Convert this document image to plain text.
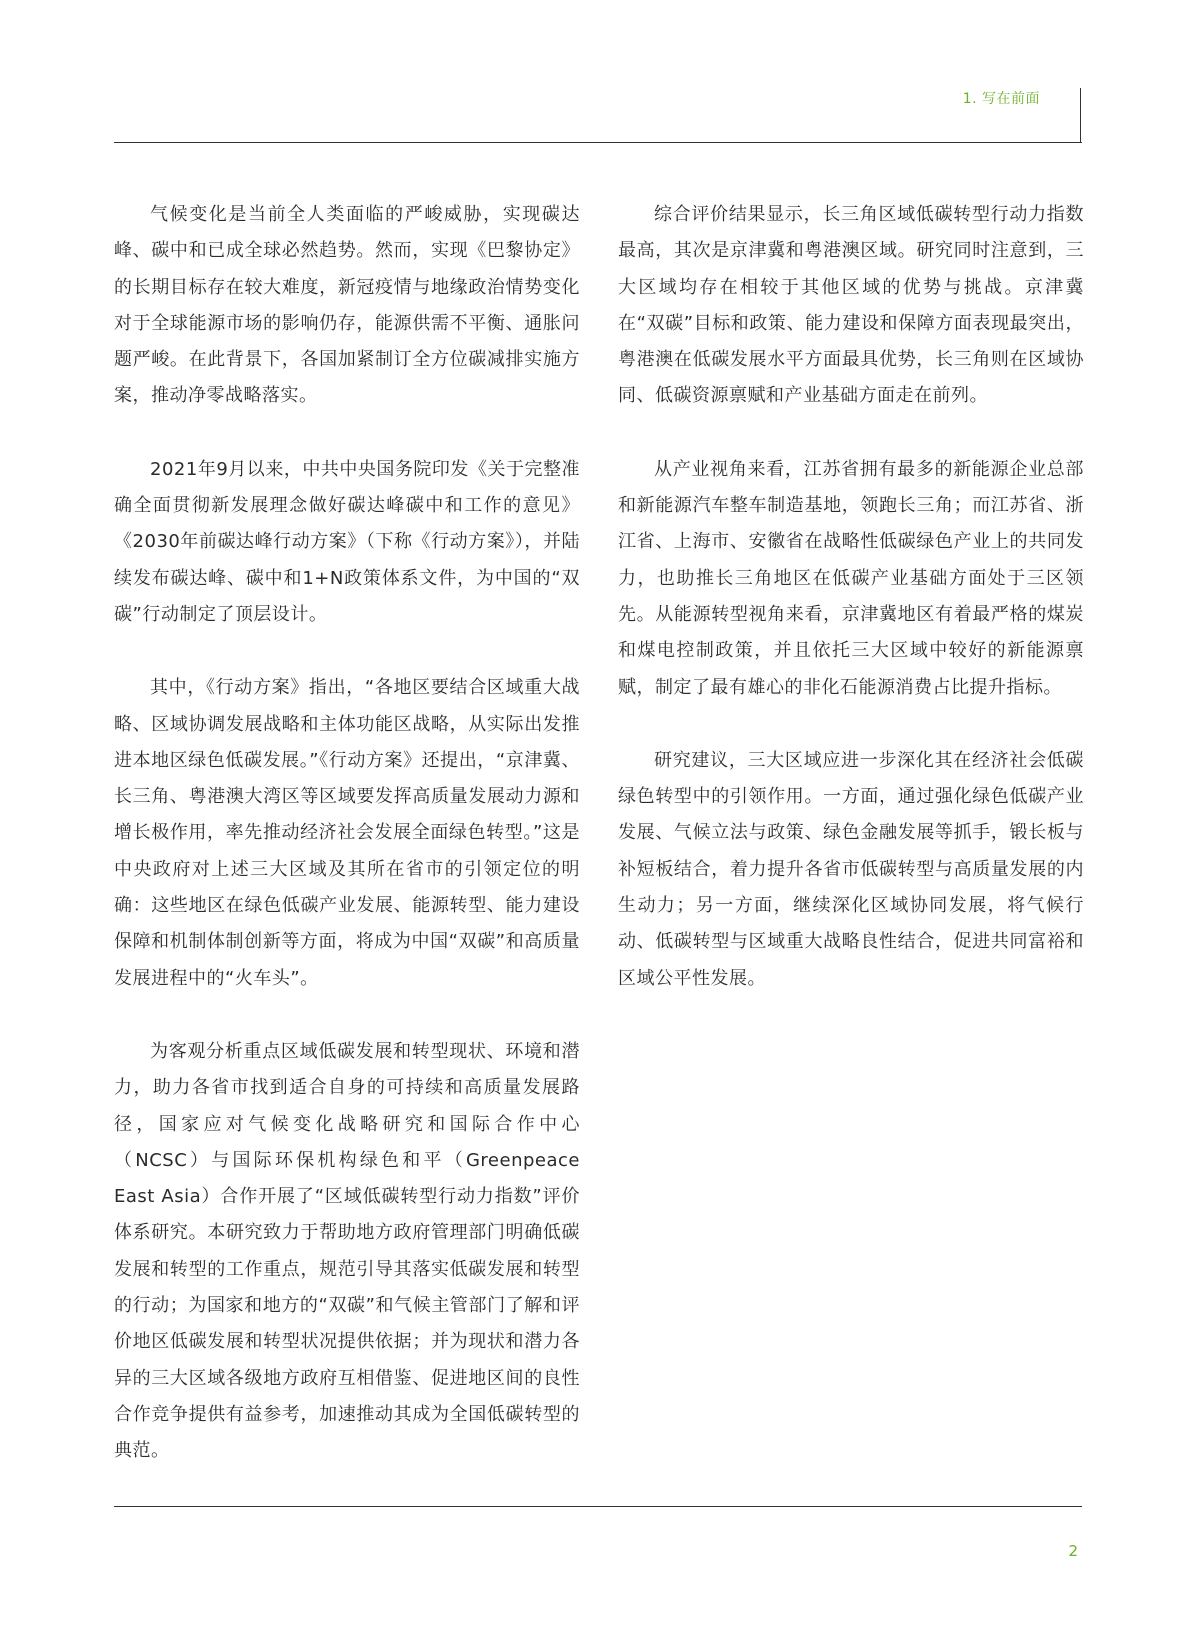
1. 写在前面

气候变化是当前全人类面临的严峻威胁，实现碳达峰、碳中和已成全球必然趋势。然而，实现《巴黎协定》的长期目标存在较大难度，新冠疫情与地缘政治情势变化对于全球能源市场的影响仍存，能源供需不平衡、通胀问题严峻。在此背景下，各国加紧制订全方位碳减排实施方案，推动净零战略落实。

2021年9月以来，中共中央国务院印发《关于完整准确全面贯彻新发展理念做好碳达峰碳中和工作的意见》《2030年前碳达峰行动方案》（下称《行动方案》），并陆续发布碳达峰、碳中和1+N政策体系文件，为中国的“双碳”行动制定了顶层设计。

其中，《行动方案》指出，“各地区要结合区域重大战略、区域协调发展战略和主体功能区战略，从实际出发推进本地区绿色低碳发展。”《行动方案》还提出，“京津冀、长三角、粤港澳大湾区等区域要发挥高质量发展动力源和增长极作用，率先推动经济社会发展全面绿色转型。”这是中央政府对上述三大区域及其所在省市的引领定位的明确：这些地区在绿色低碳产业发展、能源转型、能力建设保障和机制体制创新等方面，将成为中国“双碳”和高质量发展进程中的“火车头”。

为客观分析重点区域低碳发展和转型现状、环境和潜力，助力各省市找到适合自身的可持续和高质量发展路径，国家应对气候变化战略研究和国际合作中心（NCSC）与国际环保机构绿色和平（Greenpeace East Asia）合作开展了“区域低碳转型行动力指数”评价体系研究。本研究致力于帮助地方政府管理部门明确低碳发展和转型的工作重点，规范引导其落实低碳发展和转型的行动；为国家和地方的“双碳”和气候主管部门了解和评价地区低碳发展和转型状况提供依据；并为现状和潜力各异的三大区域各级地方政府互相借鉴、促进地区间的良性合作竞争提供有益参考，加速推动其成为全国低碳转型的典范。

综合评价结果显示，长三角区域低碳转型行动力指数最高，其次是京津冀和粤港澳区域。研究同时注意到，三大区域均存在相较于其他区域的优势与挑战。京津冀在“双碳”目标和政策、能力建设和保障方面表现最突出，粤港澳在低碳发展水平方面最具优势，长三角则在区域协同、低碳资源禀赋和产业基础方面走在前列。

从产业视角来看，江苏省拥有最多的新能源企业总部和新能源汽车整车制造基地，领跑长三角；而江苏省、浙江省、上海市、安徽省在战略性低碳绿色产业上的共同发力，也助推长三角地区在低碳产业基础方面处于三区领先。从能源转型视角来看，京津冀地区有着最严格的煤炭和煤电控制政策，并且依托三大区域中较好的新能源禀赋，制定了最有雄心的非化石能源消费占比提升指标。

研究建议，三大区域应进一步深化其在经济社会低碳绿色转型中的引领作用。一方面，通过强化绿色低碳产业发展、气候立法与政策、绿色金融发展等抓手，锻长板与补短板结合，着力提升各省市低碳转型与高质量发展的内生动力；另一方面，继续深化区域协同发展，将气候行动、低碳转型与区域重大战略良性结合，促进共同富裕和区域公平性发展。

2
